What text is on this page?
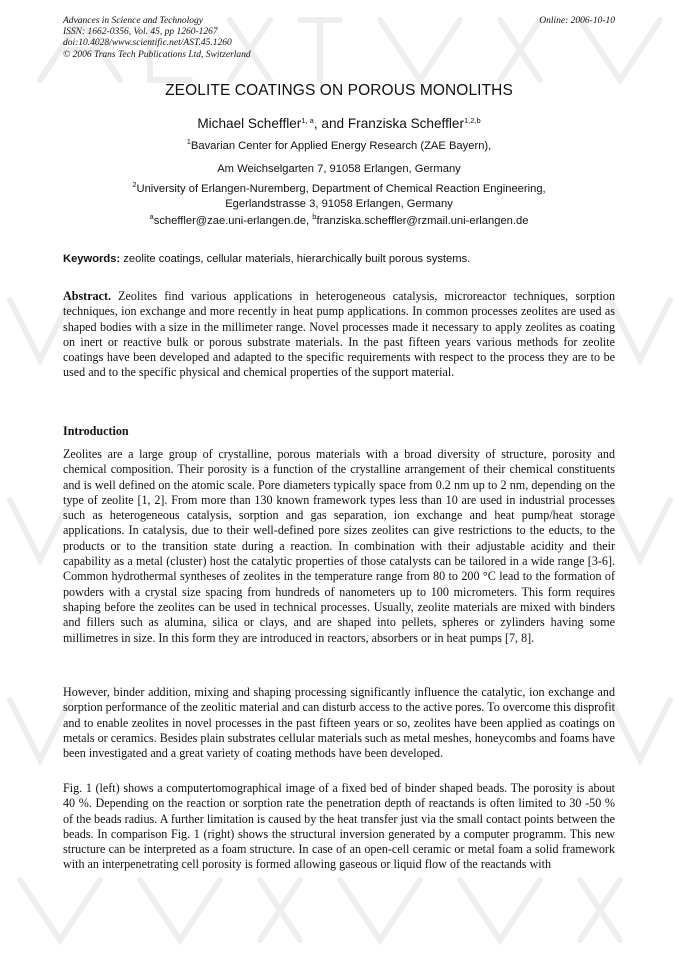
Advances in Science and Technology
ISSN: 1662-0356, Vol. 45, pp 1260-1267
doi:10.4028/www.scientific.net/AST.45.1260
© 2006 Trans Tech Publications Ltd, Switzerland
Online: 2006-10-10
ZEOLITE COATINGS ON POROUS MONOLITHS
Michael Scheffler$^{1, a}$, and Franziska Scheffler$^{1,2,b}$
$^1$Bavarian Center for Applied Energy Research (ZAE Bayern),
Am Weichselgarten 7, 91058 Erlangen, Germany
$^2$University of Erlangen-Nuremberg, Department of Chemical Reaction Engineering,
Egerlandstrasse 3, 91058 Erlangen, Germany
$^a$scheffler@zae.uni-erlangen.de, $^b$franziska.scheffler@rzmail.uni-erlangen.de
Keywords: zeolite coatings, cellular materials, hierarchically built porous systems.
Abstract. Zeolites find various applications in heterogeneous catalysis, microreactor techniques, sorption techniques, ion exchange and more recently in heat pump applications. In common processes zeolites are used as shaped bodies with a size in the millimeter range. Novel processes made it necessary to apply zeolites as coating on inert or reactive bulk or porous substrate materials. In the past fifteen years various methods for zeolite coatings have been developed and adapted to the specific requirements with respect to the process they are to be used and to the specific physical and chemical properties of the support material.
Introduction
Zeolites are a large group of crystalline, porous materials with a broad diversity of structure, porosity and chemical composition. Their porosity is a function of the crystalline arrangement of their chemical constituents and is well defined on the atomic scale. Pore diameters typically space from 0.2 nm up to 2 nm, depending on the type of zeolite [1, 2]. From more than 130 known framework types less than 10 are used in industrial processes such as heterogeneous catalysis, sorption and gas separation, ion exchange and heat pump/heat storage applications. In catalysis, due to their well-defined pore sizes zeolites can give restrictions to the educts, to the products or to the transition state during a reaction. In combination with their adjustable acidity and their capability as a metal (cluster) host the catalytic properties of those catalysts can be tailored in a wide range [3-6]. Common hydrothermal syntheses of zeolites in the temperature range from 80 to 200 °C lead to the formation of powders with a crystal size spacing from hundreds of nanometers up to 100 micrometers. This form requires shaping before the zeolites can be used in technical processes. Usually, zeolite materials are mixed with binders and fillers such as alumina, silica or clays, and are shaped into pellets, spheres or zylinders having some millimetres in size. In this form they are introduced in reactors, absorbers or in heat pumps [7, 8].
However, binder addition, mixing and shaping processing significantly influence the catalytic, ion exchange and sorption performance of the zeolitic material and can disturb access to the active pores. To overcome this disprofit and to enable zeolites in novel processes in the past fifteen years or so, zeolites have been applied as coatings on metals or ceramics. Besides plain substrates cellular materials such as metal meshes, honeycombs and foams have been investigated and a great variety of coating methods have been developed.
Fig. 1 (left) shows a computertomographical image of a fixed bed of binder shaped beads. The porosity is about 40 %. Depending on the reaction or sorption rate the penetration depth of reactands is often limited to 30 -50 % of the beads radius. A further limitation is caused by the heat transfer just via the small contact points between the beads. In comparison Fig. 1 (right) shows the structural inversion generated by a computer programm. This new structure can be interpreted as a foam structure. In case of an open-cell ceramic or metal foam a solid framework with an interpenetrating cell porosity is formed allowing gaseous or liquid flow of the reactands with
